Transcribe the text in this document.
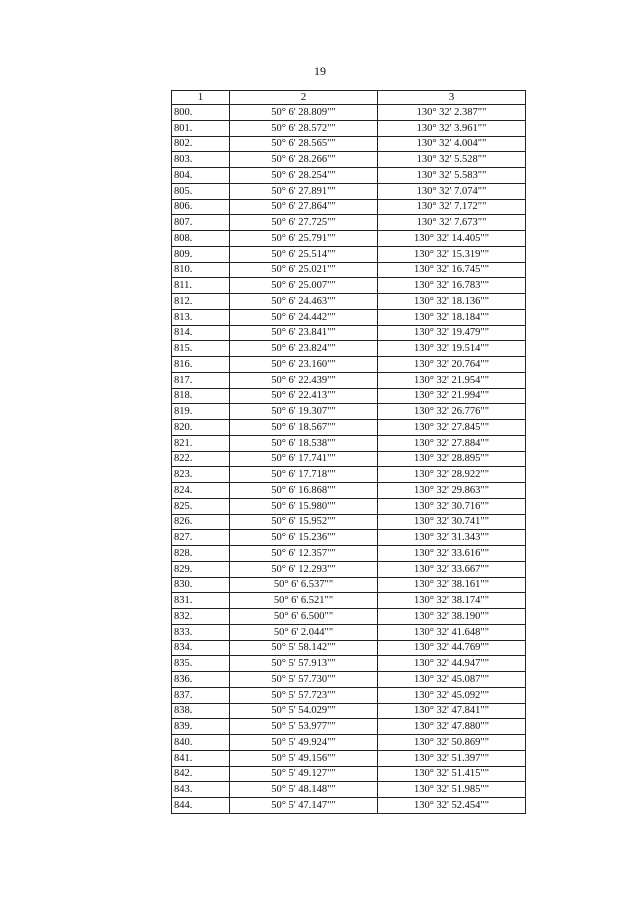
19
1	2	3
800.	50° 6' 28.809""	130° 32' 2.387""
801.	50° 6' 28.572""	130° 32' 3.961""
802.	50° 6' 28.565""	130° 32' 4.004""
803.	50° 6' 28.266""	130° 32' 5.528""
804.	50° 6' 28.254""	130° 32' 5.583""
805.	50° 6' 27.891""	130° 32' 7.074""
806.	50° 6' 27.864""	130° 32' 7.172""
807.	50° 6' 27.725""	130° 32' 7.673""
808.	50° 6' 25.791""	130° 32' 14.405""
809.	50° 6' 25.514""	130° 32' 15.319""
810.	50° 6' 25.021""	130° 32' 16.745""
811.	50° 6' 25.007""	130° 32' 16.783""
812.	50° 6' 24.463""	130° 32' 18.136""
813.	50° 6' 24.442""	130° 32' 18.184""
814.	50° 6' 23.841""	130° 32' 19.479""
815.	50° 6' 23.824""	130° 32' 19.514""
816.	50° 6' 23.160""	130° 32' 20.764""
817.	50° 6' 22.439""	130° 32' 21.954""
818.	50° 6' 22.413""	130° 32' 21.994""
819.	50° 6' 19.307""	130° 32' 26.776""
820.	50° 6' 18.567""	130° 32' 27.845""
821.	50° 6' 18.538""	130° 32' 27.884""
822.	50° 6' 17.741""	130° 32' 28.895""
823.	50° 6' 17.718""	130° 32' 28.922""
824.	50° 6' 16.868""	130° 32' 29.863""
825.	50° 6' 15.980""	130° 32' 30.716""
826.	50° 6' 15.952""	130° 32' 30.741""
827.	50° 6' 15.236""	130° 32' 31.343""
828.	50° 6' 12.357""	130° 32' 33.616""
829.	50° 6' 12.293""	130° 32' 33.667""
830.	50° 6' 6.537""	130° 32' 38.161""
831.	50° 6' 6.521""	130° 32' 38.174""
832.	50° 6' 6.500""	130° 32' 38.190""
833.	50° 6' 2.044""	130° 32' 41.648""
834.	50° 5' 58.142""	130° 32' 44.769""
835.	50° 5' 57.913""	130° 32' 44.947""
836.	50° 5' 57.730""	130° 32' 45.087""
837.	50° 5' 57.723""	130° 32' 45.092""
838.	50° 5' 54.029""	130° 32' 47.841""
839.	50° 5' 53.977""	130° 32' 47.880""
840.	50° 5' 49.924""	130° 32' 50.869""
841.	50° 5' 49.156""	130° 32' 51.397""
842.	50° 5' 49.127""	130° 32' 51.415""
843.	50° 5' 48.148""	130° 32' 51.985""
844.	50° 5' 47.147""	130° 32' 52.454""
